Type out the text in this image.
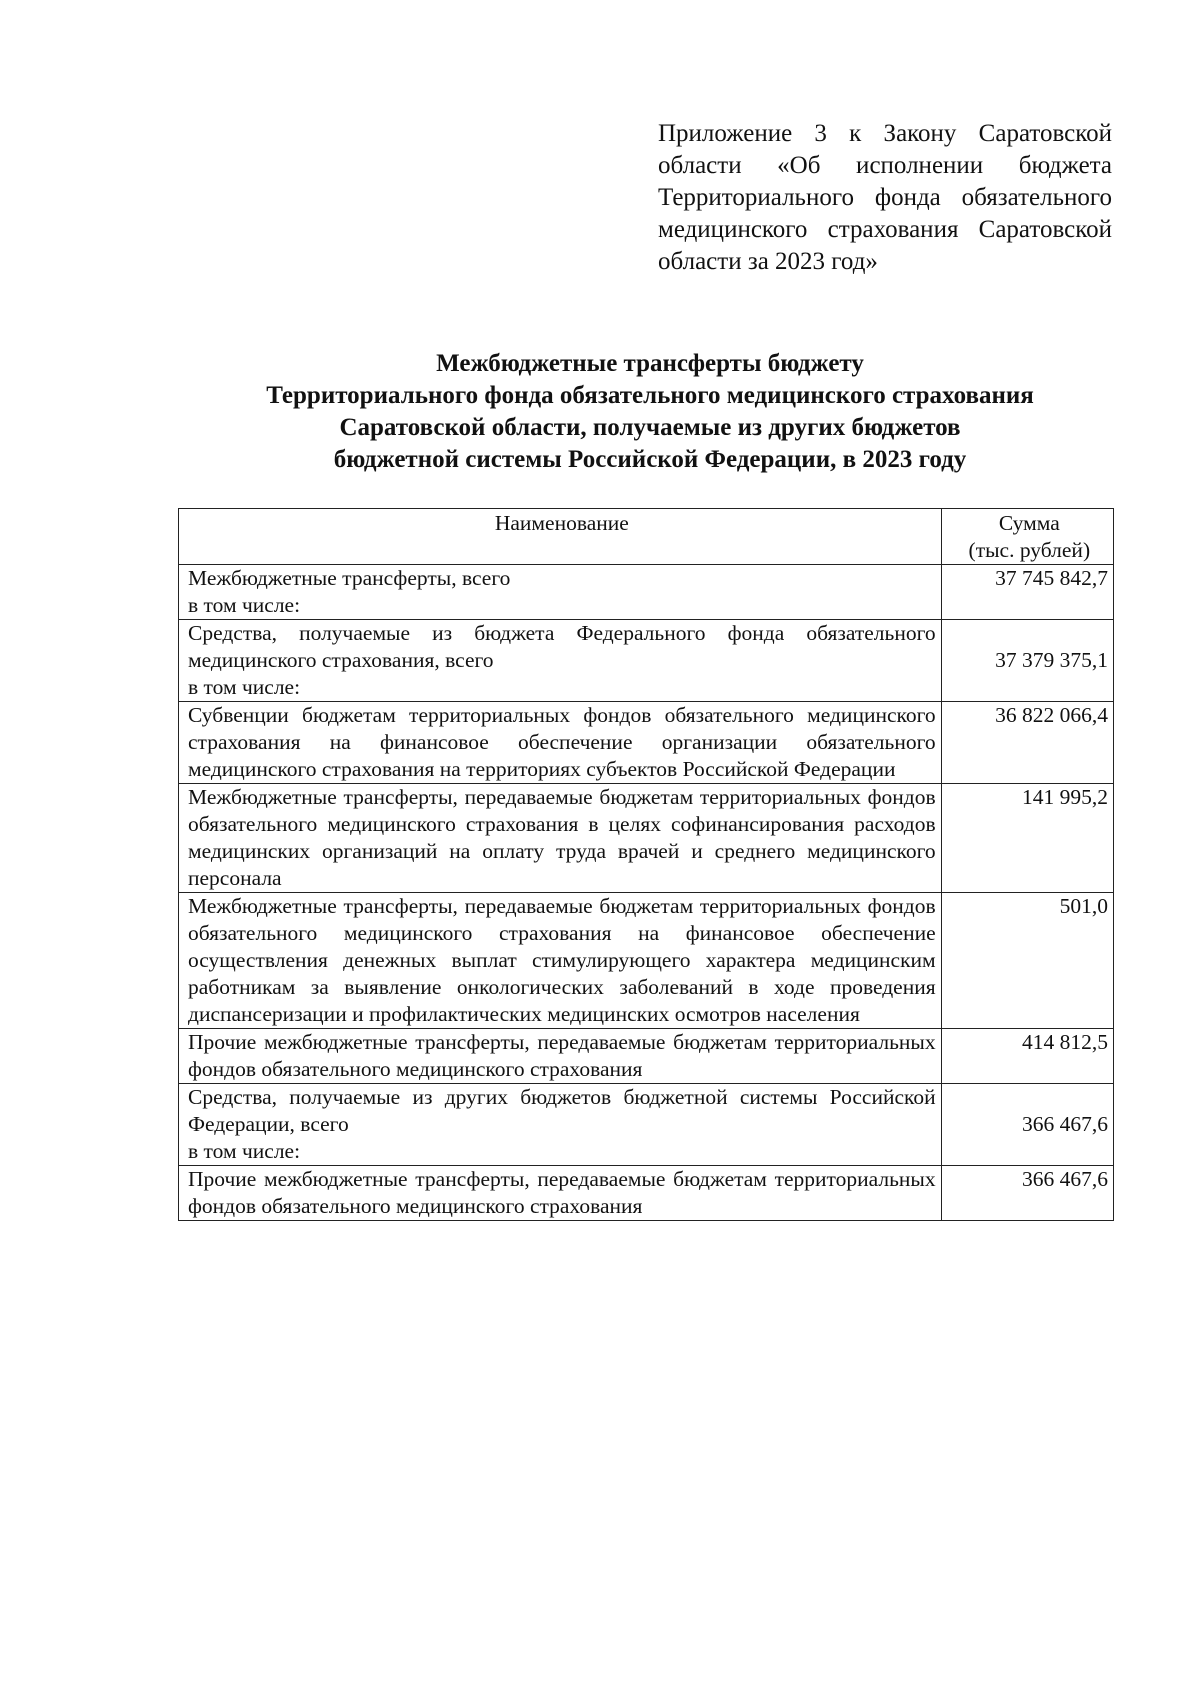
Приложение 3 к Закону Саратовской области «Об исполнении бюджета Территориального фонда обязательного медицинского страхования Саратовской области за 2023 год»
Межбюджетные трансферты бюджету
Территориального фонда обязательного медицинского страхования
Саратовской области, получаемые из других бюджетов
бюджетной системы Российской Федерации, в 2023 году
Наименование	Сумма
(тыс. рублей)

Межбюджетные трансферты, всего
в том числе:	37 745 842,7
Средства, получаемые из бюджета Федерального фонда обязательного медицинского страхования, всего
в том числе:	37 379 375,1
Субвенции бюджетам территориальных фондов обязательного медицинского страхования на финансовое обеспечение организации обязательного медицинского страхования на территориях субъектов Российской Федерации	36 822 066,4
Межбюджетные трансферты, передаваемые бюджетам территориальных фондов обязательного медицинского страхования в целях софинансирования расходов медицинских организаций на оплату труда врачей и среднего медицинского персонала	141 995,2
Межбюджетные трансферты, передаваемые бюджетам территориальных фондов обязательного медицинского страхования на финансовое обеспечение осуществления денежных выплат стимулирующего характера медицинским работникам за выявление онкологических заболеваний в ходе проведения диспансеризации и профилактических медицинских осмотров населения	501,0
Прочие межбюджетные трансферты, передаваемые бюджетам территориальных фондов обязательного медицинского страхования	414 812,5
Средства, получаемые из других бюджетов бюджетной системы Российской Федерации, всего
в том числе:	366 467,6
Прочие межбюджетные трансферты, передаваемые бюджетам территориальных фондов обязательного медицинского страхования	366 467,6
